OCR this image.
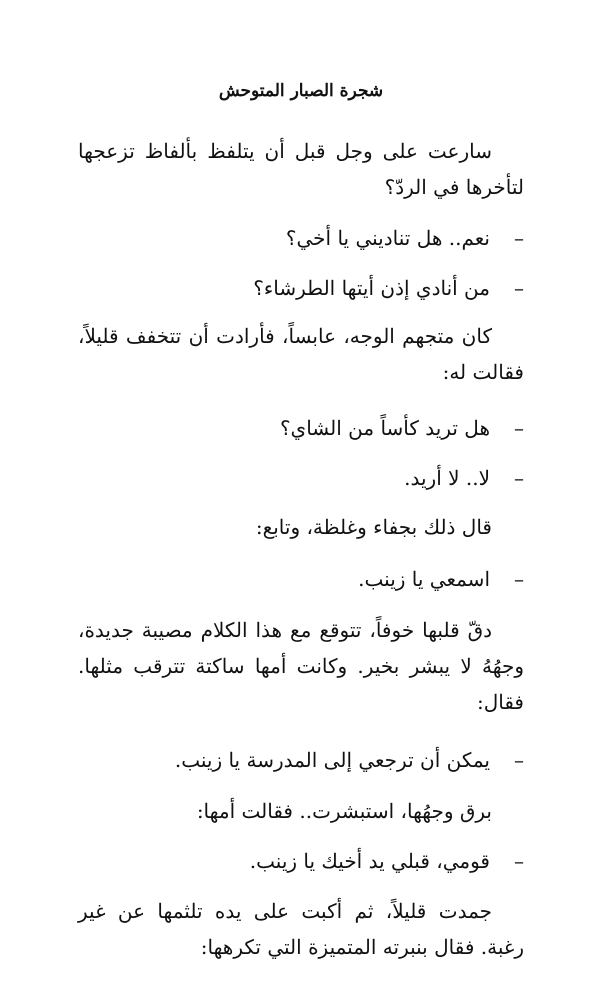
شجرة الصبار المتوحش
سارعت على وجل قبل أن يتلفظ بألفاظ تزعجها لتأخرها في الردّ؟
–نعم.. هل تناديني يا أخي؟
–من أنادي إذن أيتها الطرشاء؟
كان متجهم الوجه، عابساً، فأرادت أن تتخفف قليلاً، فقالت له:
–هل تريد كأساً من الشاي؟
–لا.. لا أريد.
قال ذلك بجفاء وغلظة، وتابع:
–اسمعي يا زينب.
دقّ قلبها خوفاً، تتوقع مع هذا الكلام مصيبة جديدة، وجهُهُ لا يبشر بخير. وكانت أمها ساكتة تترقب مثلها. فقال:
–يمكن أن ترجعي إلى المدرسة يا زينب.
برق وجهُها، استبشرت.. فقالت أمها:
–قومي، قبلي يد أخيك يا زينب.
جمدت قليلاً، ثم أكبت على يده تلثمها عن غير رغبة. فقال بنبرته المتميزة التي تكرهها:
